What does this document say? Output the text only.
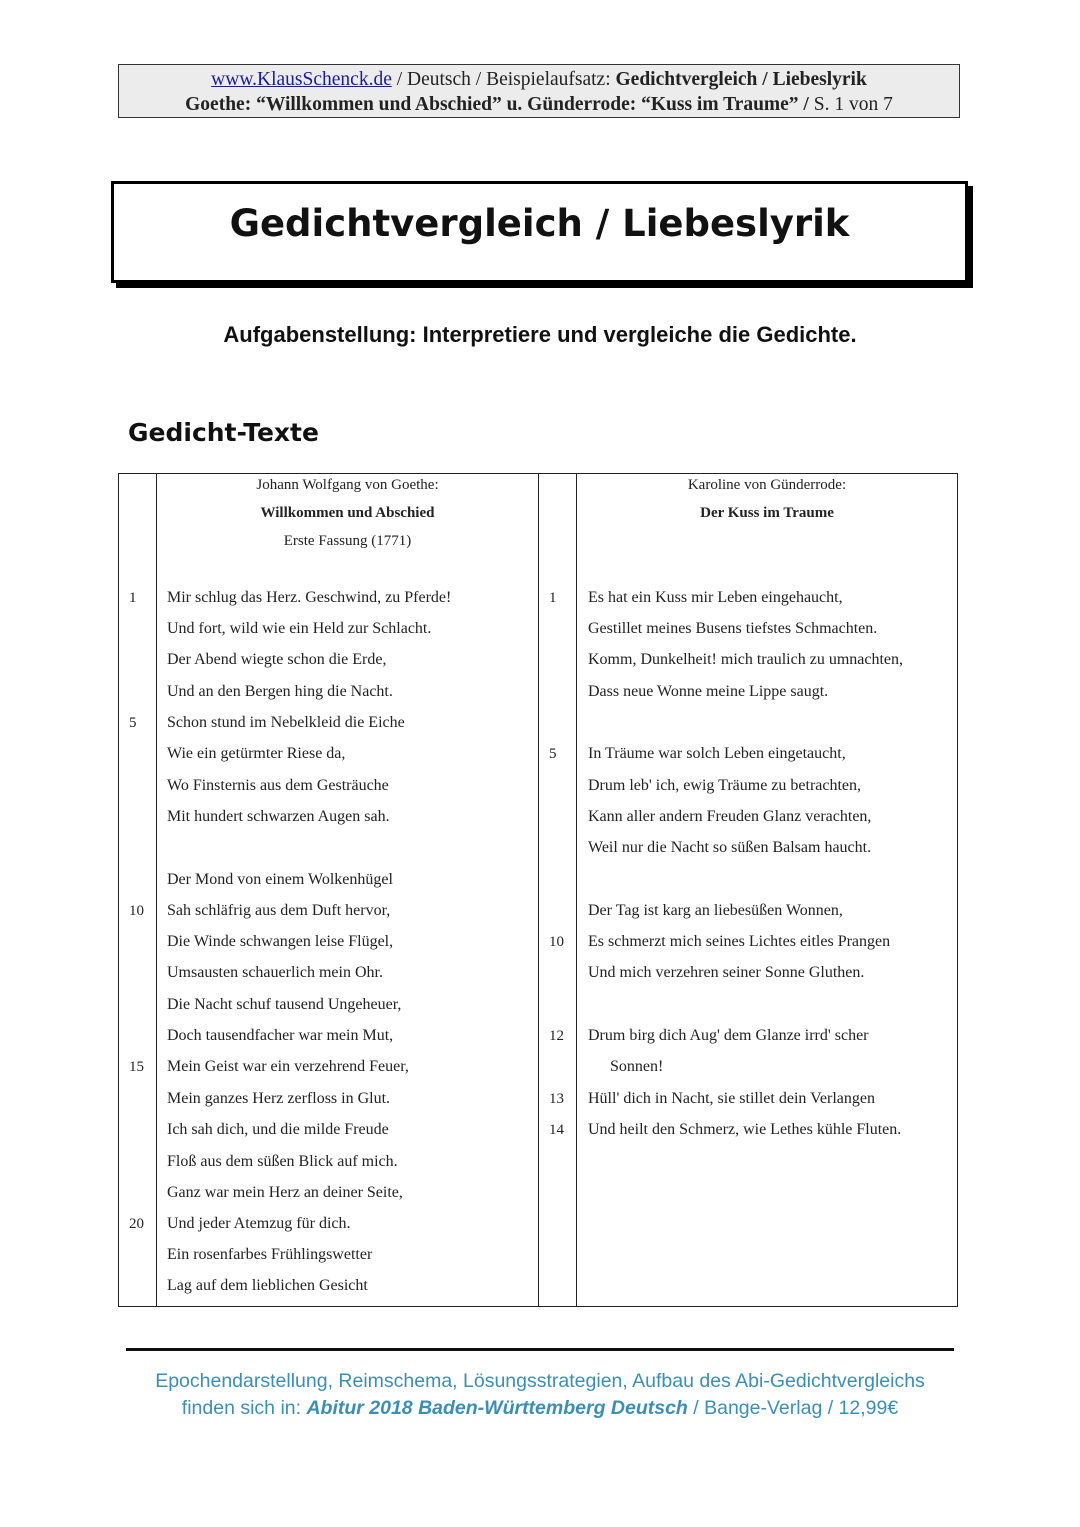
www.KlausSchenck.de / Deutsch / Beispielaufsatz: Gedichtvergleich / Liebeslyrik
Goethe: “Willkommen und Abschied” u. Günderrode: “Kuss im Traume” / S. 1 von 7
Gedichtvergleich / Liebeslyrik
Aufgabenstellung: Interpretiere und vergleiche die Gedichte.
Gedicht-Texte
Johann Wolfgang von Goethe:
Willkommen und Abschied
Erste Fassung (1771)
Karoline von Günderrode:
Der Kuss im Traume
Mir schlug das Herz. Geschwind, zu Pferde!
Und fort, wild wie ein Held zur Schlacht.
Der Abend wiegte schon die Erde,
Und an den Bergen hing die Nacht.
Schon stund im Nebelkleid die Eiche
Wie ein getürmter Riese da,
Wo Finsternis aus dem Gesträuche
Mit hundert schwarzen Augen sah.
Der Mond von einem Wolkenhügel
Sah schläfrig aus dem Duft hervor,
Die Winde schwangen leise Flügel,
Umsausten schauerlich mein Ohr.
Die Nacht schuf tausend Ungeheuer,
Doch tausendfacher war mein Mut,
Mein Geist war ein verzehrend Feuer,
Mein ganzes Herz zerfloss in Glut.
Ich sah dich, und die milde Freude
Floß aus dem süßen Blick auf mich.
Ganz war mein Herz an deiner Seite,
Und jeder Atemzug für dich.
Ein rosenfarbes Frühlingswetter
Lag auf dem lieblichen Gesicht
1
5
10
15
20
Es hat ein Kuss mir Leben eingehaucht,
Gestillet meines Busens tiefstes Schmachten.
Komm, Dunkelheit! mich traulich zu umnachten,
Dass neue Wonne meine Lippe saugt.
In Träume war solch Leben eingetaucht,
Drum leb' ich, ewig Träume zu betrachten,
Kann aller andern Freuden Glanz verachten,
Weil nur die Nacht so süßen Balsam haucht.
Der Tag ist karg an liebesüßen Wonnen,
Es schmerzt mich seines Lichtes eitles Prangen
Und mich verzehren seiner Sonne Gluthen.
Drum birg dich Aug' dem Glanze irrd' scher
Sonnen!
Hüll' dich in Nacht, sie stillet dein Verlangen
Und heilt den Schmerz, wie Lethes kühle Fluten.
1
5
10
12
13
14
Epochendarstellung, Reimschema, Lösungsstrategien, Aufbau des Abi-Gedichtvergleichs
finden sich in: Abitur 2018 Baden-Württemberg Deutsch / Bange-Verlag / 12,99€
